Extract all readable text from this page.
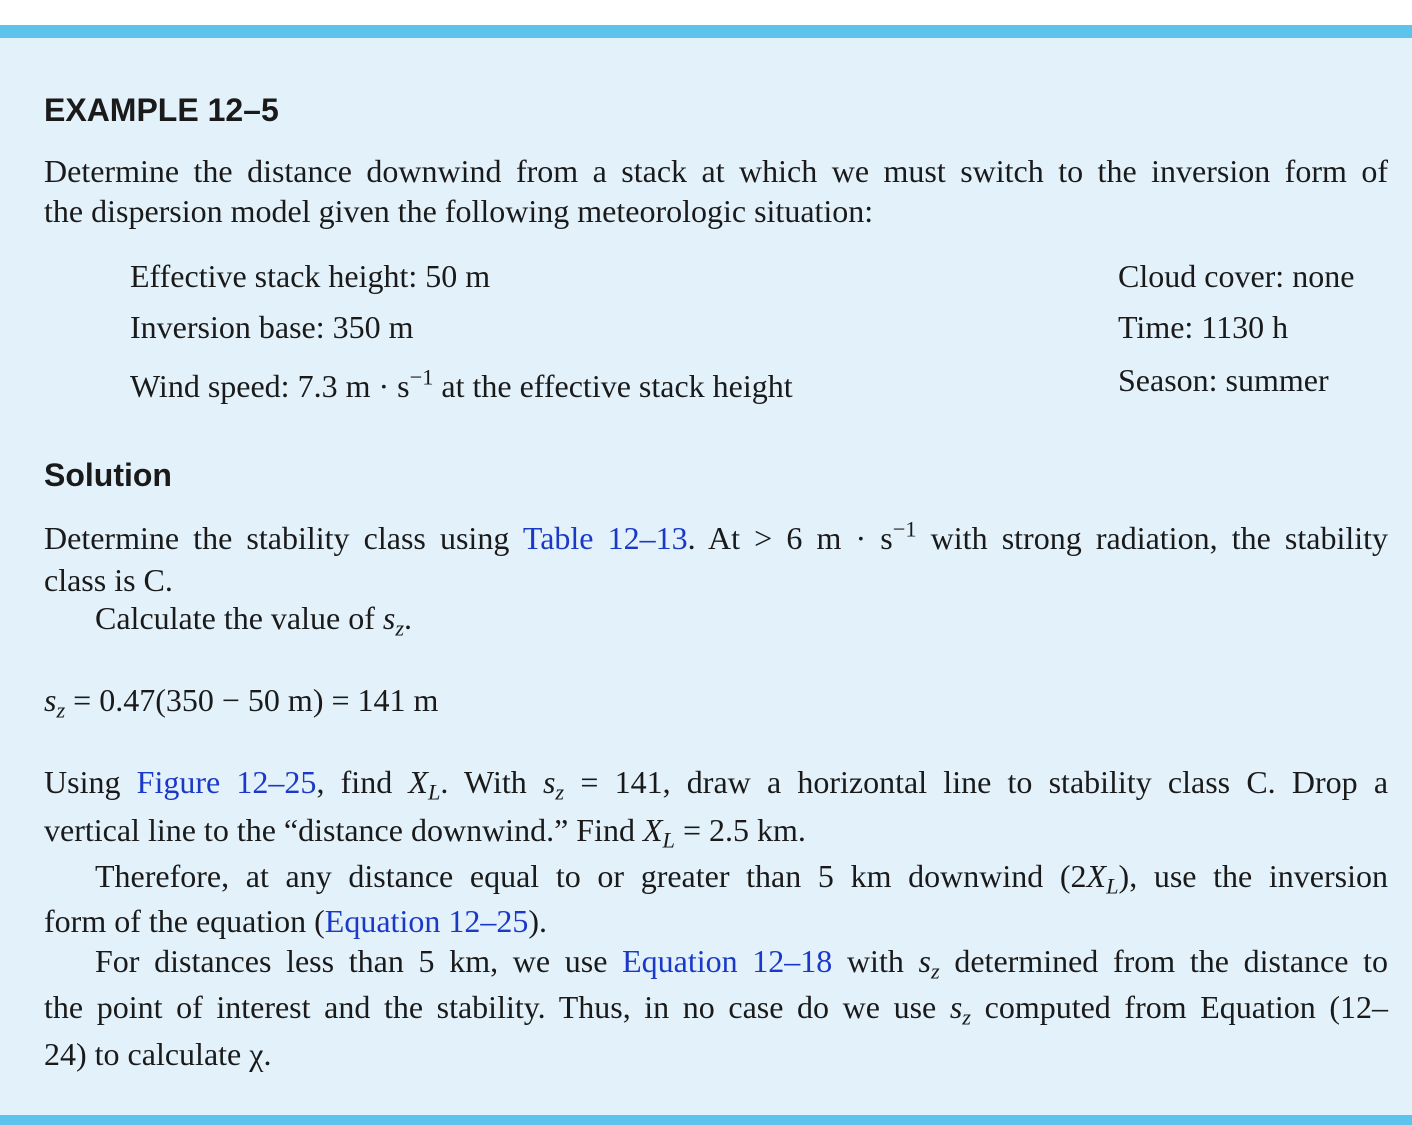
EXAMPLE 12–5
Determine the distance downwind from a stack at which we must switch to the inversion form of
the dispersion model given the following meteorologic situation:
Effective stack height: 50 m
Inversion base: 350 m
Wind speed: 7.3 $m \cdot s^{-1}$ at the effective stack height
Cloud cover: none
Time: 1130 h
Season: summer
Solution
Determine the stability class using Table 12–13. At > 6 $m \cdot s^{-1}$ with strong radiation, the stability
class is C.
Calculate the value of $s_z$.
$s_z = 0.47(350 - 50$ m) = 141 m
Using Figure 12–25, find $X_L$. With $s_z = 141$, draw a horizontal line to stability class C. Drop a
vertical line to the “distance downwind.” Find $X_L = 2.5$ km.
Therefore, at any distance equal to or greater than 5 km downwind $(2X_L)$, use the inversion
form of the equation (Equation 12–25).
For distances less than 5 km, we use Equation 12–18 with $s_z$ determined from the distance to
the point of interest and the stability. Thus, in no case do we use $s_z$ computed from Equation (12–
24) to calculate χ.
